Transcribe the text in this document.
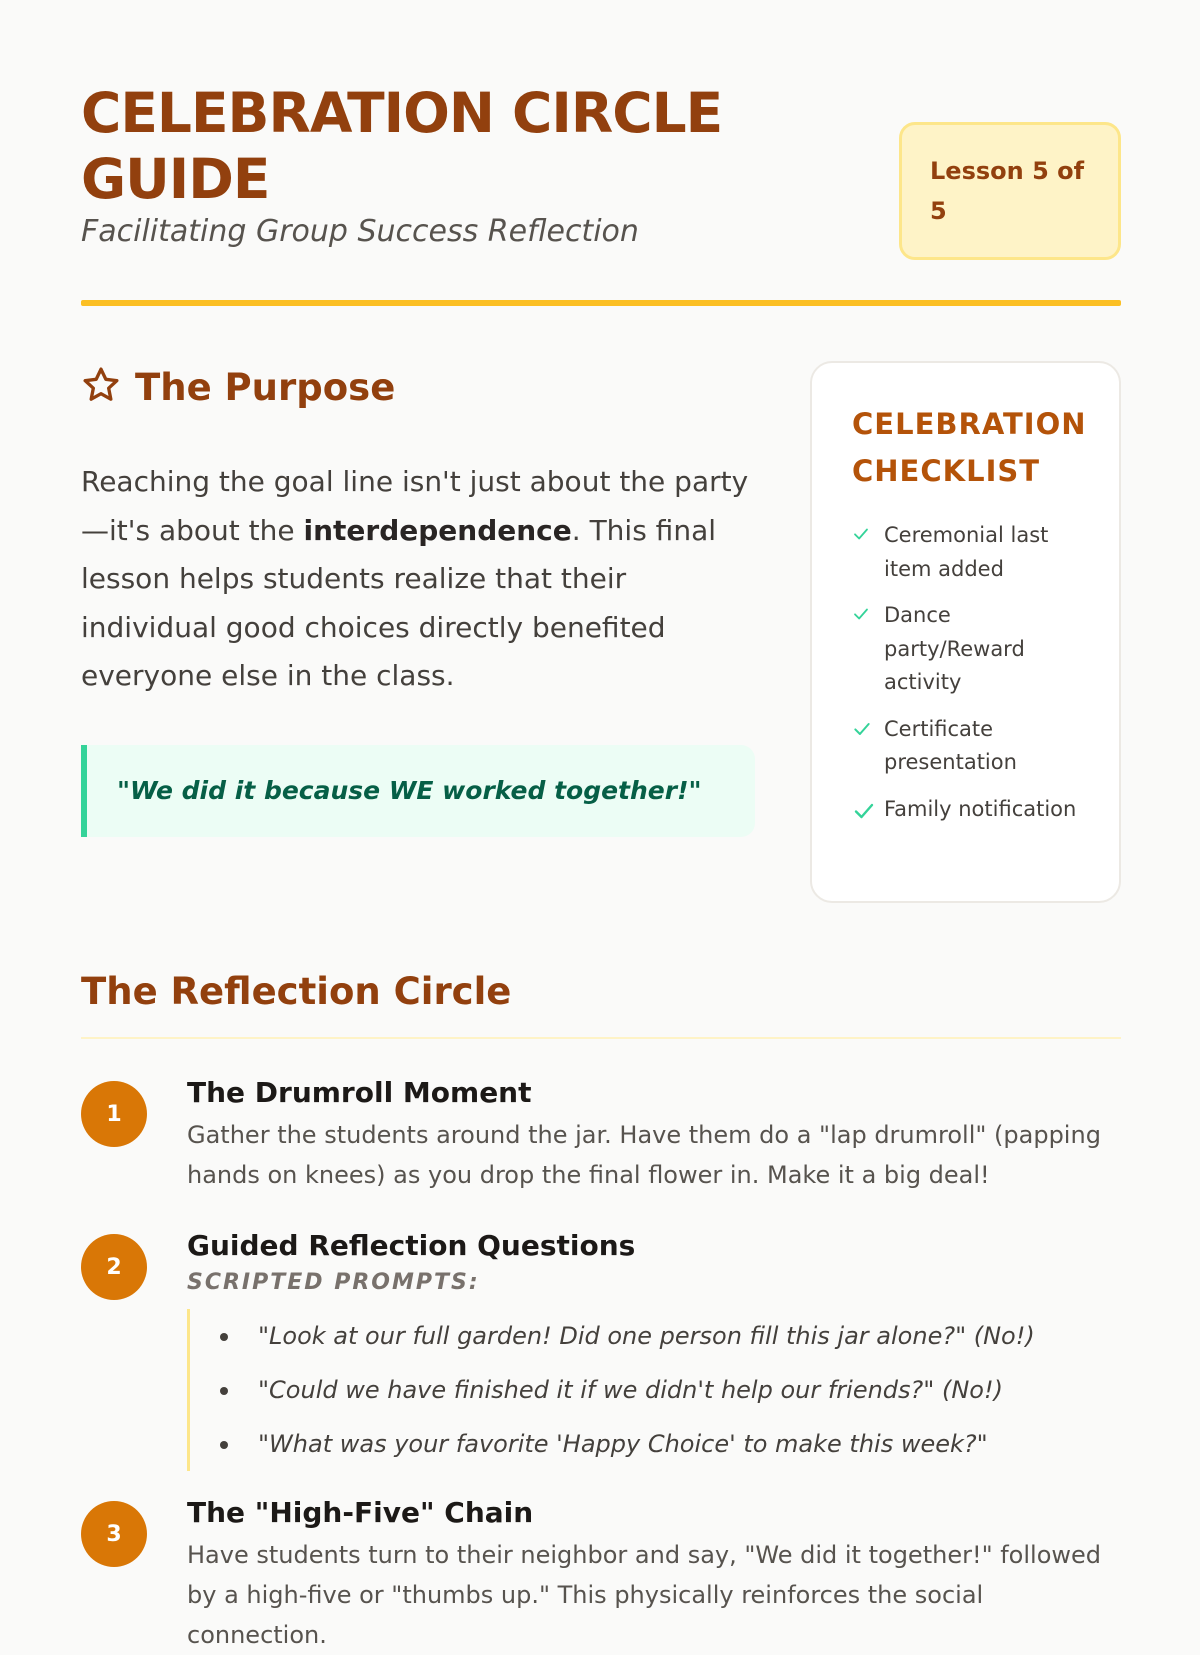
CELEBRATION CIRCLE GUIDE
Facilitating Group Success Reflection
Lesson 5 of 5
The Purpose

Reaching the goal line isn't just about the party—it's about the interdependence. This final lesson helps students realize that their individual good choices directly benefited everyone else in the class.

"We did it because WE worked together!"
CELEBRATION CHECKLIST
Ceremonial last item added
Dance party/Reward activity
Certificate presentation
Family notification
The Reflection Circle
1
The Drumroll Moment

Gather the students around the jar. Have them do a "lap drumroll" (papping hands on knees) as you drop the final flower in. Make it a big deal!

2
Guided Reflection Questions
SCRIPTED PROMPTS:
"Look at our full garden! Did one person fill this jar alone?" (No!)
"Could we have finished it if we didn't help our friends?" (No!)
"What was your favorite 'Happy Choice' to make this week?"
3
The "High-Five" Chain

Have students turn to their neighbor and say, "We did it together!" followed by a high-five or "thumbs up." This physically reinforces the social connection.
